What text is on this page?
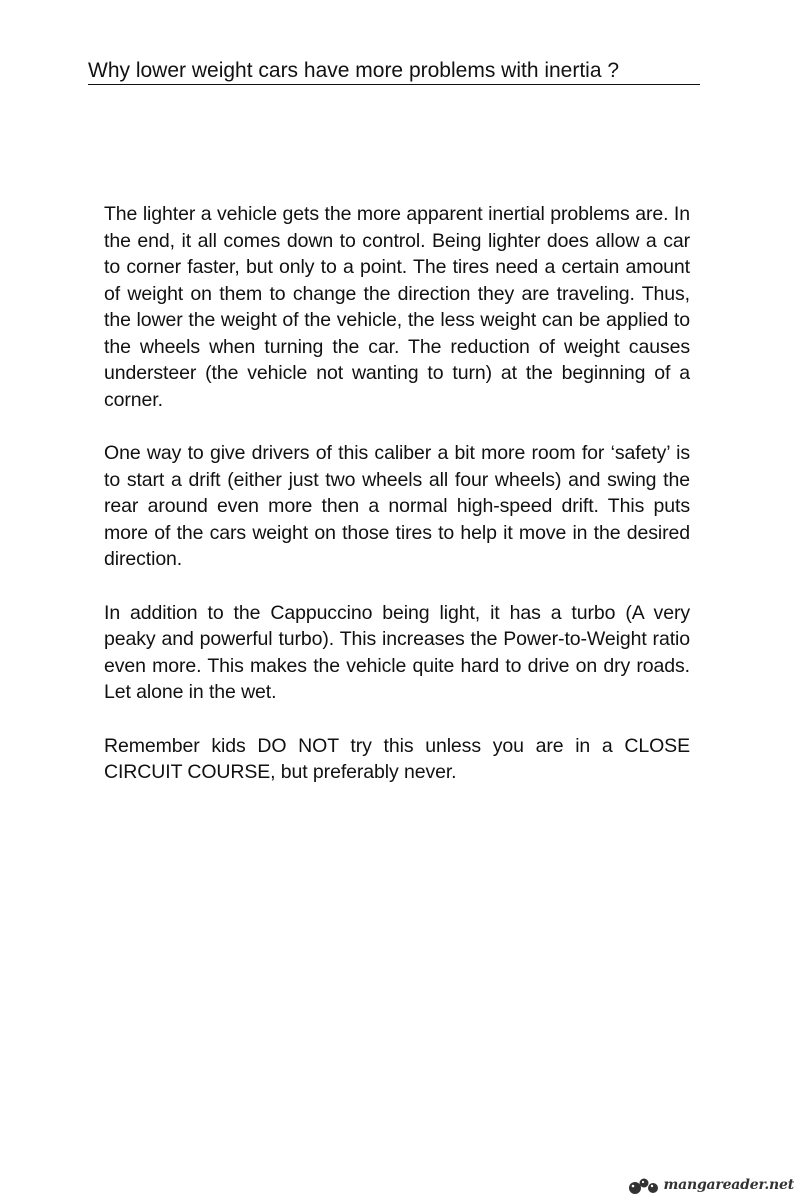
Why lower weight cars have more problems with inertia ?

The lighter a vehicle gets the more apparent inertial problems are. In the end, it all comes down to control. Being lighter does allow a car to corner faster, but only to a point. The tires need a certain amount of weight on them to change the direction they are traveling. Thus, the lower the weight of the vehicle, the less weight can be applied to the wheels when turning the car. The reduction of weight causes understeer (the vehicle not wanting to turn) at the beginning of a corner.

One way to give drivers of this caliber a bit more room for ‘safety’ is to start a drift (either just two wheels all four wheels) and swing the rear around even more then a normal high-speed drift. This puts more of the cars weight on those tires to help it move in the desired direction.

In addition to the Cappuccino being light, it has a turbo (A very peaky and powerful turbo). This increases the Power-to-Weight ratio even more. This makes the vehicle quite hard to drive on dry roads. Let alone in the wet.

Remember kids DO NOT try this unless you are in a CLOSE CIRCUIT COURSE, but preferably never.

mangareader.net
